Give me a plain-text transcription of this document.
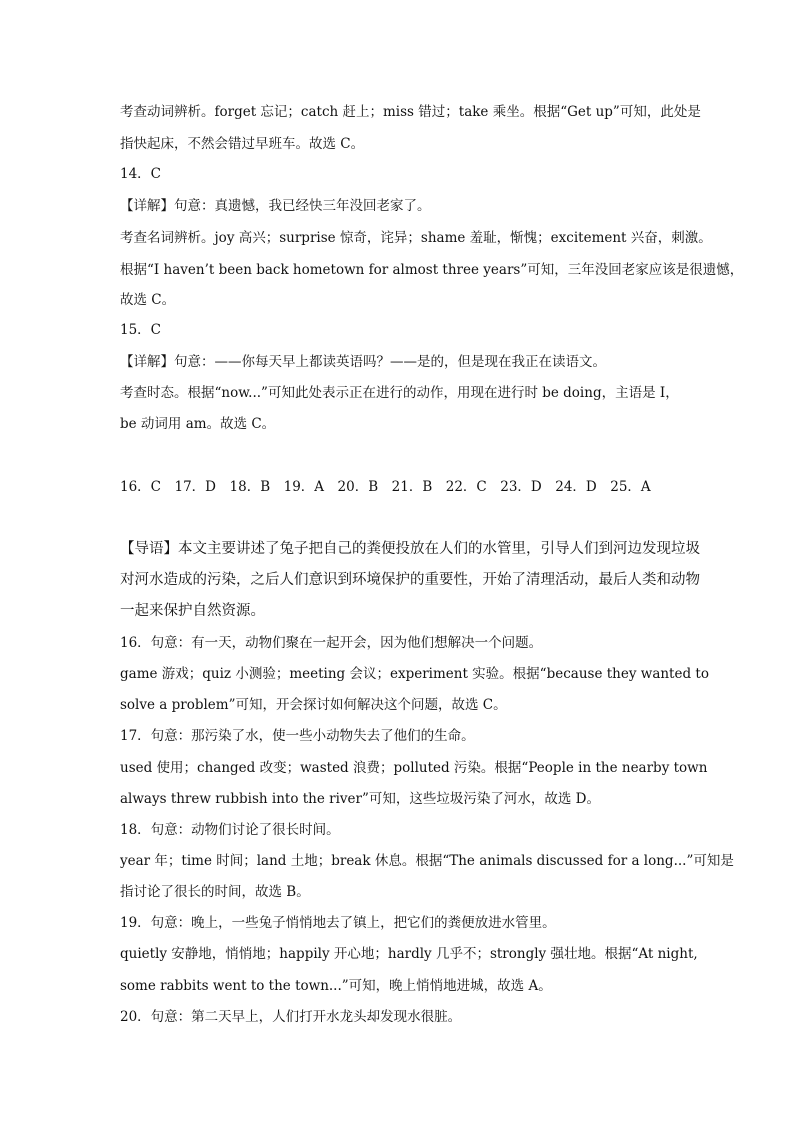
考查动词辨析。forget 忘记；catch 赶上；miss 错过；take 乘坐。根据“Get up”可知，此处是
指快起床，不然会错过早班车。故选 C。
14．C
【详解】句意：真遗憾，我已经快三年没回老家了。
考查名词辨析。joy 高兴；surprise 惊奇，诧异；shame 羞耻，惭愧；excitement 兴奋，刺激。
根据“I haven’t been back hometown for almost three years”可知，三年没回老家应该是很遗憾，
故选 C。
15．C
【详解】句意：——你每天早上都读英语吗？——是的，但是现在我正在读语文。
考查时态。根据“now...”可知此处表示正在进行的动作，用现在进行时 be doing，主语是 I，
be 动词用 am。故选 C。
16．C　17．D　18．B　19．A　20．B　21．B　22．C　23．D　24．D　25．A
【导语】本文主要讲述了兔子把自己的粪便投放在人们的水管里，引导人们到河边发现垃圾
对河水造成的污染，之后人们意识到环境保护的重要性，开始了清理活动，最后人类和动物
一起来保护自然资源。
16．句意：有一天，动物们聚在一起开会，因为他们想解决一个问题。
game 游戏；quiz 小测验；meeting 会议；experiment 实验。根据“because they wanted to
solve a problem”可知，开会探讨如何解决这个问题，故选 C。
17．句意：那污染了水，使一些小动物失去了他们的生命。
used 使用；changed 改变；wasted 浪费；polluted 污染。根据“People in the nearby town
always threw rubbish into the river”可知，这些垃圾污染了河水，故选 D。
18．句意：动物们讨论了很长时间。
year 年；time 时间；land 土地；break 休息。根据“The animals discussed for a long...”可知是
指讨论了很长的时间，故选 B。
19．句意：晚上，一些兔子悄悄地去了镇上，把它们的粪便放进水管里。
quietly 安静地，悄悄地；happily 开心地；hardly 几乎不；strongly 强壮地。根据“At night,
some rabbits went to the town...”可知，晚上悄悄地进城，故选 A。
20．句意：第二天早上，人们打开水龙头却发现水很脏。
